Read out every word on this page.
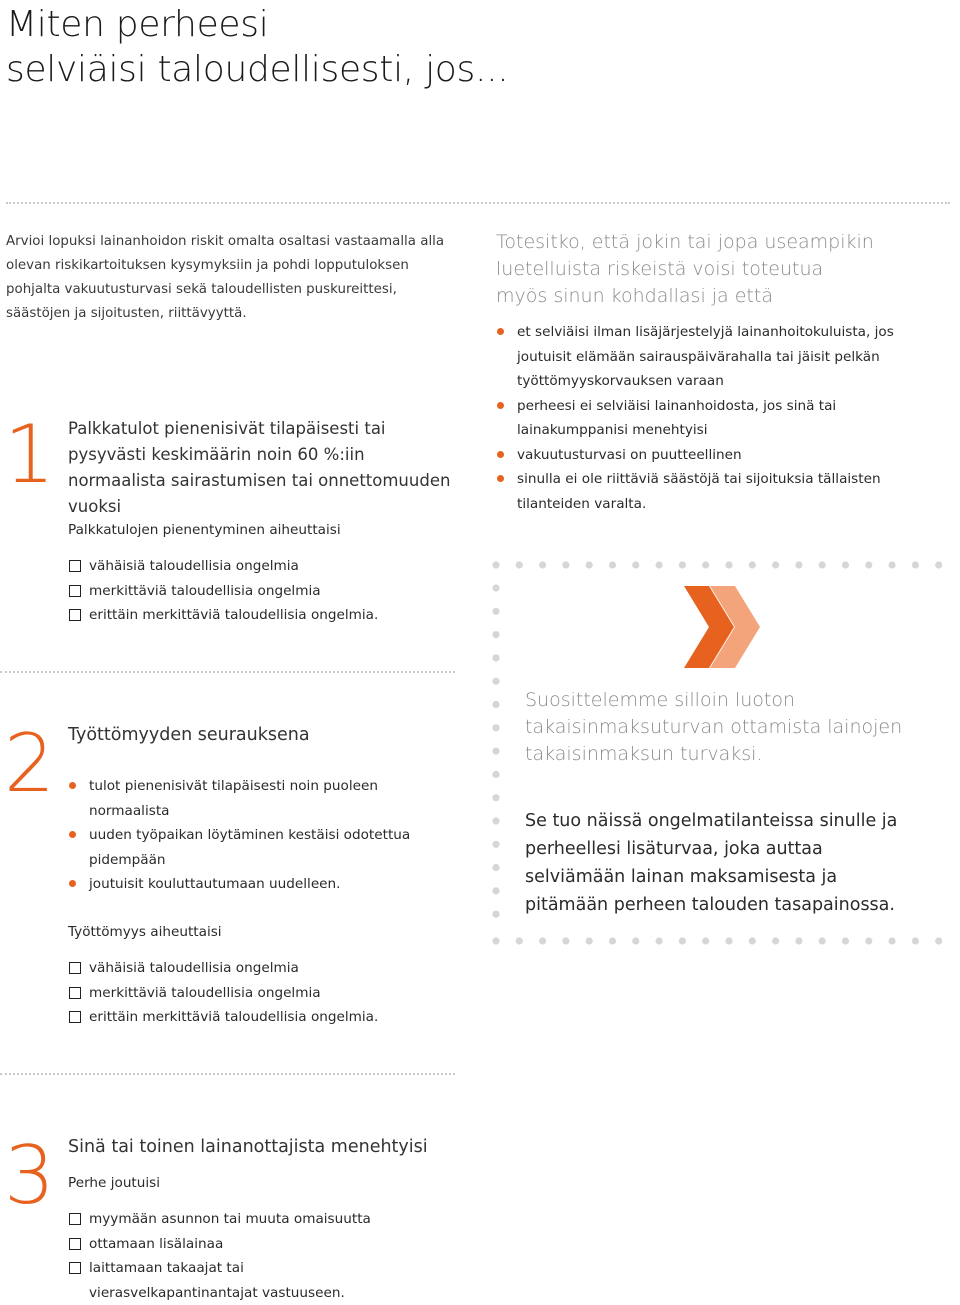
Miten perheesi
selviäisi taloudellisesti, jos...
Arvioi lopuksi lainanhoidon riskit omalta osaltasi vastaamalla alla olevan riskikartoituksen kysymyksiin ja pohdi lopputuloksen pohjalta vakuutusturvasi sekä taloudellisten puskureittesi, säästöjen ja sijoitusten, riittävyyttä.
1 Palkkatulot pienenisivät tilapäisesti tai pysyvästi keskimäärin noin 60 %:iin normaalista sairastumisen tai onnettomuuden vuoksi
Palkkatulojen pienentyminen aiheuttaisi
vähäisiä taloudellisia ongelmia
merkittäviä taloudellisia ongelmia
erittäin merkittäviä taloudellisia ongelmia.
2 Työttömyyden seurauksena
tulot pienenisivät tilapäisesti noin puoleen normaalista
uuden työpaikan löytäminen kestäisi odotettua pidempään
joutuisit kouluttautumaan uudelleen.
Työttömyys aiheuttaisi
vähäisiä taloudellisia ongelmia
merkittäviä taloudellisia ongelmia
erittäin merkittäviä taloudellisia ongelmia.
3 Sinä tai toinen lainanottajista menehtyisi
Perhe joutuisi
myymään asunnon tai muuta omaisuutta
ottamaan lisälainaa
laittamaan takaajat tai vierasvelkapantinantajat vastuuseen.
Totesitko, että jokin tai jopa useampikin luetelluista riskeistä voisi toteutua myös sinun kohdallasi ja että
et selviäisi ilman lisäjärjestelyjä lainanhoitokuluista, jos joutuisit elämään sairauspäivärahalla tai jäisit pelkän työttömyyskorvauksen varaan
perheesi ei selviäisi lainanhoidosta, jos sinä tai lainakumppanisi menehtyisi
vakuutusturvasi on puutteellinen
sinulla ei ole riittäviä säästöjä tai sijoituksia tällaisten tilanteiden varalta.
Suosittelemme silloin luoton takaisinmaksuturvan ottamista lainojen takaisinmaksun turvaksi.
Se tuo näissä ongelmatilanteissa sinulle ja perheellesi lisäturvaa, joka auttaa selviämään lainan maksamisesta ja pitämään perheen talouden tasapainossa.
